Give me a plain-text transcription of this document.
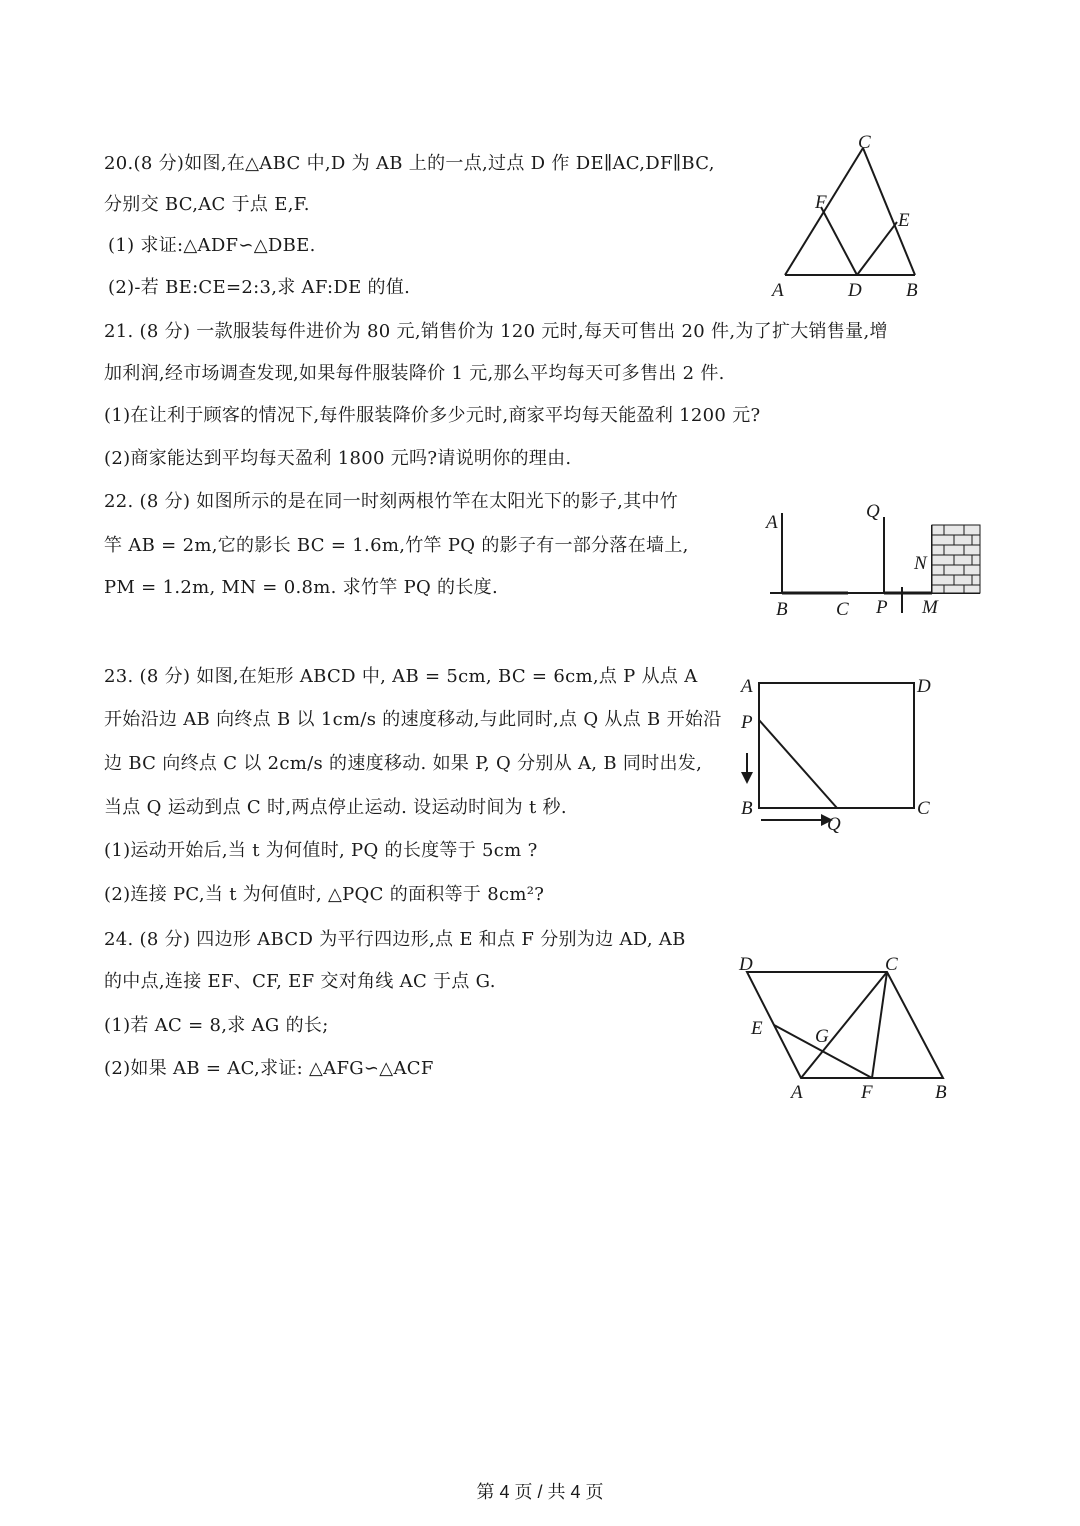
20.(8 分)如图,在△ABC 中,D 为 AB 上的一点,过点 D 作 DE∥AC,DF∥BC,
分别交 BC,AC 于点 E,F.
(1) 求证:△ADF∽△DBE.
(2)-若 BE:CE=2:3,求 AF:DE 的值.
C
F
E
A	D B
21. (8 分) 一款服装每件进价为 80 元,销售价为 120 元时,每天可售出 20 件,为了扩大销售量,增
加利润,经市场调查发现,如果每件服装降价 1 元,那么平均每天可多售出 2 件.
(1)在让利于顾客的情况下,每件服装降价多少元时,商家平均每天能盈利 1200 元?
(2)商家能达到平均每天盈利 1800 元吗?请说明你的理由.
22. (8 分) 如图所示的是在同一时刻两根竹竿在太阳光下的影子,其中竹
竿 AB = 2m,它的影长 BC = 1.6m,竹竿 PQ 的影子有一部分落在墙上,
PM = 1.2m, MN = 0.8m. 求竹竿 PQ 的长度.
A
Q
N
B	C P M
23. (8 分) 如图,在矩形 ABCD 中, AB = 5cm, BC = 6cm,点 P 从点 A
开始沿边 AB 向终点 B 以 1cm/s 的速度移动,与此同时,点 Q 从点 B 开始沿
边 BC 向终点 C 以 2cm/s 的速度移动. 如果 P, Q 分别从 A, B 同时出发,
当点 Q 运动到点 C 时,两点停止运动. 设运动时间为 t 秒.
(1)运动开始后,当 t 为何值时, PQ 的长度等于 5cm ?
(2)连接 PC,当 t 为何值时, △PQC 的面积等于 8cm²?
A	D
P
B	C
Q
24. (8 分) 四边形 ABCD 为平行四边形,点 E 和点 F 分别为边 AD, AB
的中点,连接 EF、CF, EF 交对角线 AC 于点 G.
(1)若 AC = 8,求 AG 的长;
(2)如果 AB = AC,求证: △AFG∽△ACF
D	C
E	G
A	F	B
第 4 页 / 共 4 页
